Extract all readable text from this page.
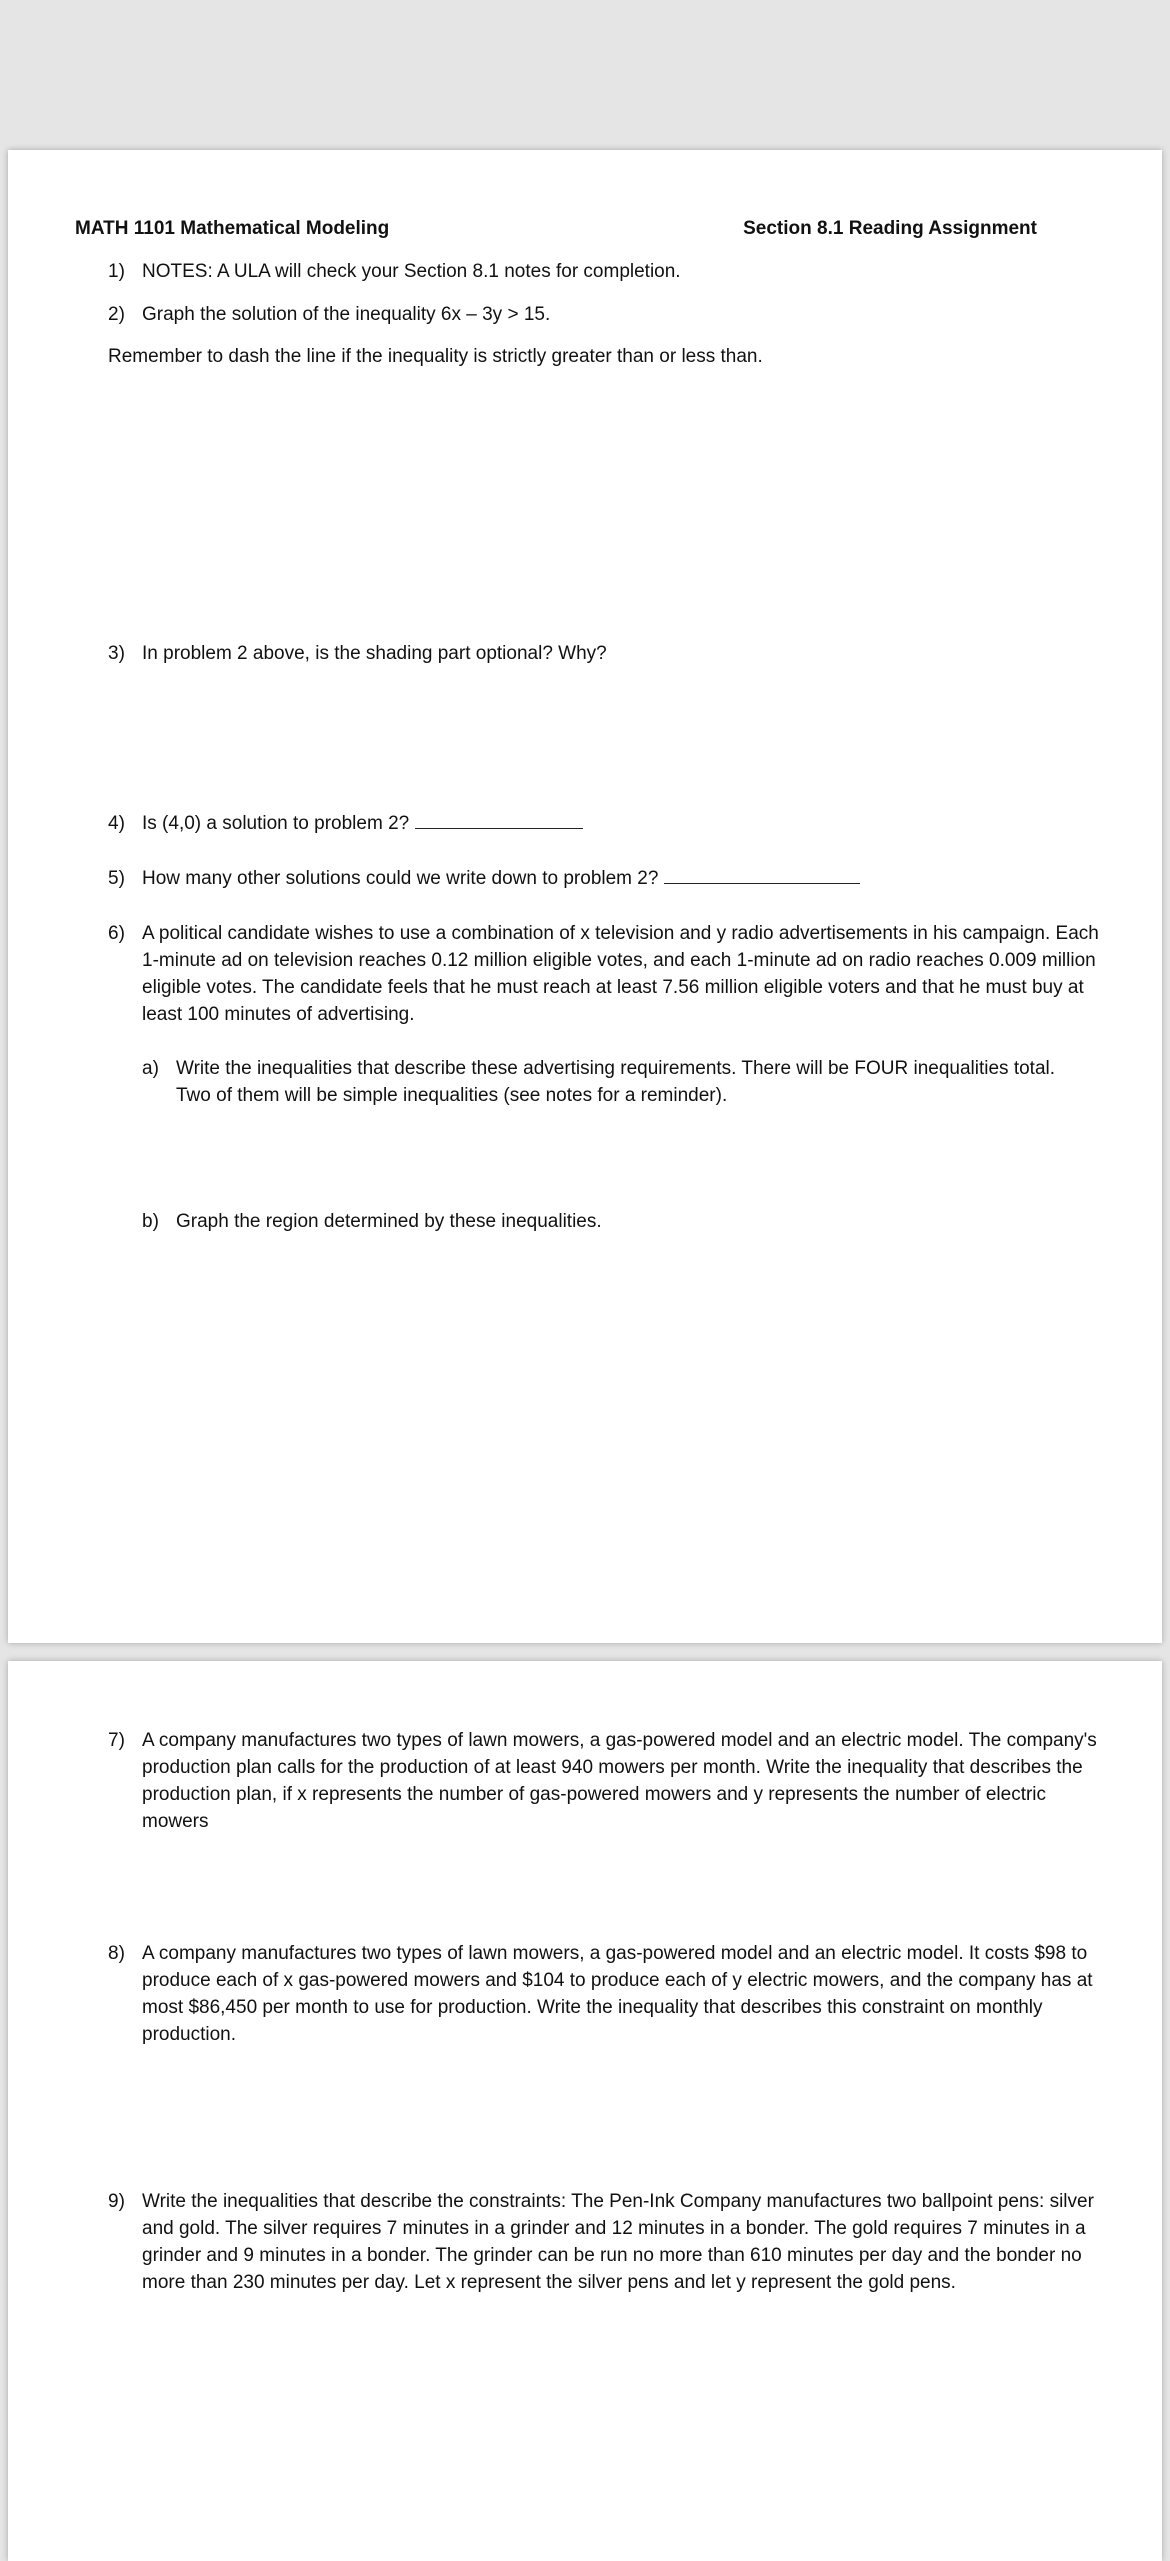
MATH 1101 Mathematical Modeling	Section 8.1 Reading Assignment
1) NOTES: A ULA will check your Section 8.1 notes for completion.
2) Graph the solution of the inequality 6x – 3y > 15.
Remember to dash the line if the inequality is strictly greater than or less than.
3) In problem 2 above, is the shading part optional? Why?
4) Is (4,0) a solution to problem 2?
5) How many other solutions could we write down to problem 2?
6) A political candidate wishes to use a combination of x television and y radio advertisements in his campaign. Each 1-minute ad on television reaches 0.12 million eligible votes, and each 1-minute ad on radio reaches 0.009 million eligible votes. The candidate feels that he must reach at least 7.56 million eligible voters and that he must buy at least 100 minutes of advertising.
a) Write the inequalities that describe these advertising requirements. There will be FOUR inequalities total. Two of them will be simple inequalities (see notes for a reminder).
b) Graph the region determined by these inequalities.
7) A company manufactures two types of lawn mowers, a gas-powered model and an electric model. The company's production plan calls for the production of at least 940 mowers per month. Write the inequality that describes the production plan, if x represents the number of gas-powered mowers and y represents the number of electric mowers
8) A company manufactures two types of lawn mowers, a gas-powered model and an electric model. It costs $98 to produce each of x gas-powered mowers and $104 to produce each of y electric mowers, and the company has at most $86,450 per month to use for production. Write the inequality that describes this constraint on monthly production.
9) Write the inequalities that describe the constraints: The Pen-Ink Company manufactures two ballpoint pens: silver and gold. The silver requires 7 minutes in a grinder and 12 minutes in a bonder. The gold requires 7 minutes in a grinder and 9 minutes in a bonder. The grinder can be run no more than 610 minutes per day and the bonder no more than 230 minutes per day. Let x represent the silver pens and let y represent the gold pens.
